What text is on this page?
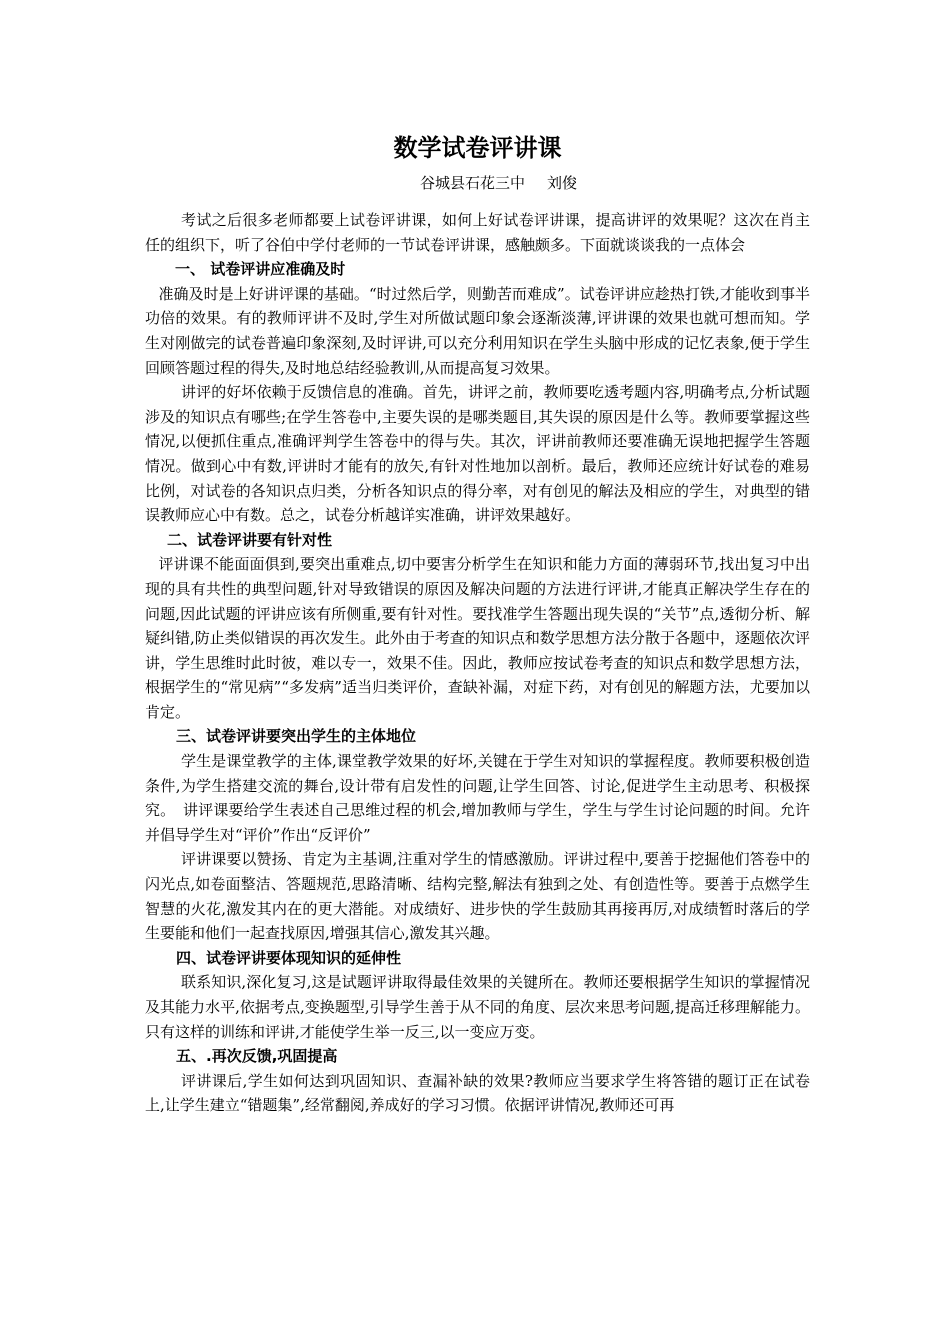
数学试卷评讲课
谷城县石花三中 刘俊

考试之后很多老师都要上试卷评讲课，如何上好试卷评讲课，提高讲评的效果呢？这次在肖主任的组织下，听了谷伯中学付老师的一节试卷评讲课，感触颇多。下面就谈谈我的一点体会

一、 试卷评讲应准确及时

准确及时是上好讲评课的基础。“时过然后学，则勤苦而难成”。试卷评讲应趁热打铁,才能收到事半功倍的效果。有的教师评讲不及时,学生对所做试题印象会逐渐淡薄,评讲课的效果也就可想而知。学生对刚做完的试卷普遍印象深刻,及时评讲,可以充分利用知识在学生头脑中形成的记忆表象,便于学生回顾答题过程的得失,及时地总结经验教训,从而提高复习效果。

讲评的好坏依赖于反馈信息的准确。首先，讲评之前，教师要吃透考题内容,明确考点,分析试题涉及的知识点有哪些;在学生答卷中,主要失误的是哪类题目,其失误的原因是什么等。教师要掌握这些情况,以便抓住重点,准确评判学生答卷中的得与失。其次，评讲前教师还要准确无误地把握学生答题情况。做到心中有数,评讲时才能有的放矢,有针对性地加以剖析。最后，教师还应统计好试卷的难易比例，对试卷的各知识点归类，分析各知识点的得分率，对有创见的解法及相应的学生，对典型的错误教师应心中有数。总之，试卷分析越详实准确，讲评效果越好。

二、试卷评讲要有针对性

评讲课不能面面俱到,要突出重难点,切中要害分析学生在知识和能力方面的薄弱环节,找出复习中出现的具有共性的典型问题,针对导致错误的原因及解决问题的方法进行评讲,才能真正解决学生存在的问题,因此试题的评讲应该有所侧重,要有针对性。要找准学生答题出现失误的“关节”点,透彻分析、解疑纠错,防止类似错误的再次发生。此外由于考查的知识点和数学思想方法分散于各题中，逐题依次评讲，学生思维时此时彼，难以专一，效果不佳。因此，教师应按试卷考查的知识点和数学思想方法，根据学生的“常见病”“多发病”适当归类评价，查缺补漏，对症下药，对有创见的解题方法，尤要加以肯定。

三、试卷评讲要突出学生的主体地位

学生是课堂教学的主体,课堂教学效果的好坏,关键在于学生对知识的掌握程度。教师要积极创造条件,为学生搭建交流的舞台,设计带有启发性的问题,让学生回答、讨论,促进学生主动思考、积极探究。　讲评课要给学生表述自己思维过程的机会,增加教师与学生，学生与学生讨论问题的时间。允许并倡导学生对“评价”作出“反评价”

评讲课要以赞扬、肯定为主基调,注重对学生的情感激励。评讲过程中,要善于挖掘他们答卷中的闪光点,如卷面整洁、答题规范,思路清晰、结构完整,解法有独到之处、有创造性等。要善于点燃学生智慧的火花,激发其内在的更大潜能。对成绩好、进步快的学生鼓励其再接再厉,对成绩暂时落后的学生要能和他们一起查找原因,增强其信心,激发其兴趣。

四、试卷评讲要体现知识的延伸性

联系知识,深化复习,这是试题评讲取得最佳效果的关键所在。教师还要根据学生知识的掌握情况及其能力水平,依据考点,变换题型,引导学生善于从不同的角度、层次来思考问题,提高迁移理解能力。只有这样的训练和评讲,才能使学生举一反三,以一变应万变。

五、.再次反馈,巩固提高

评讲课后,学生如何达到巩固知识、查漏补缺的效果?教师应当要求学生将答错的题订正在试卷上,让学生建立“错题集”,经常翻阅,养成好的学习习惯。依据评讲情况,教师还可再
